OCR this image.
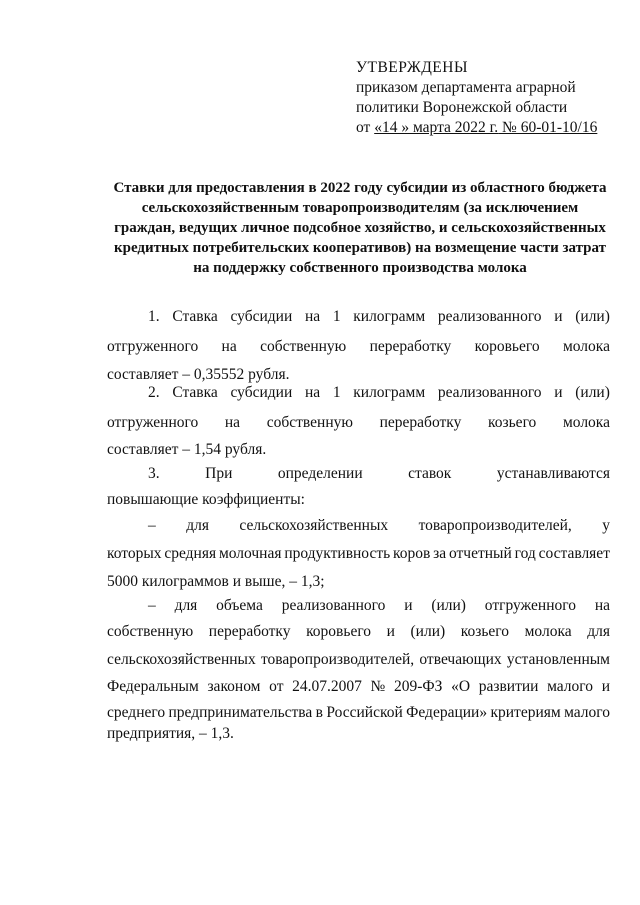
УТВЕРЖДЕНЫ
приказом департамента аграрной
политики Воронежской области
от «14 » марта 2022 г. № 60-01-10/16
Ставки для предоставления в 2022 году субсидии из областного бюджета
сельскохозяйственным товаропроизводителям (за исключением
граждан, ведущих личное подсобное хозяйство, и сельскохозяйственных
кредитных потребительских кооперативов) на возмещение части затрат
на поддержку собственного производства молока
1. Ставка субсидии на 1 килограмм реализованного и (или)
отгруженного на собственную переработку коровьего молока
составляет – 0,35552 рубля.
2. Ставка субсидии на 1 килограмм реализованного и (или)
отгруженного на собственную переработку козьего молока
составляет – 1,54 рубля.
3.	При	определении	ставок	устанавливаются
повышающие коэффициенты:
– для сельскохозяйственных товаропроизводителей, у
которых средняя молочная продуктивность коров за отчетный год составляет
5000 килограммов и выше, – 1,3;
– для объема реализованного и (или) отгруженного на
собственную переработку коровьего и (или) козьего молока для
сельскохозяйственных товаропроизводителей, отвечающих установленным
Федеральным законом от 24.07.2007 № 209-ФЗ «О развитии малого и
среднего предпринимательства в Российской Федерации» критериям малого
предприятия, – 1,3.
